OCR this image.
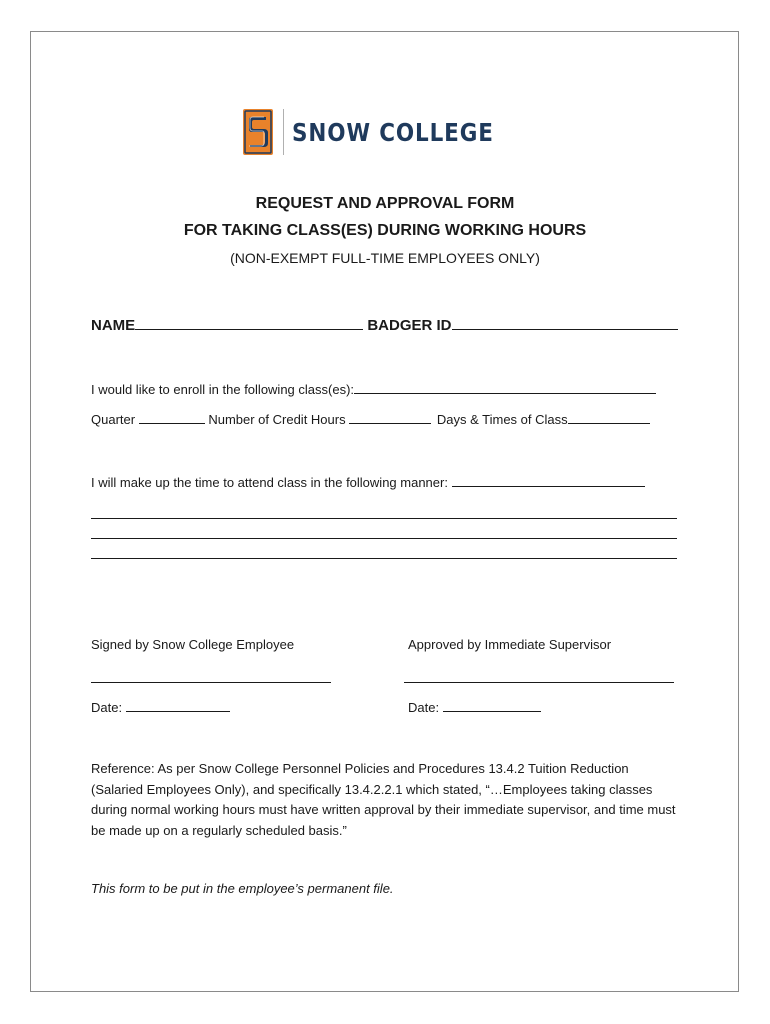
SNOW COLLEGE
REQUEST AND APPROVAL FORM
FOR TAKING CLASS(ES) DURING WORKING HOURS
(NON-EXEMPT FULL-TIME EMPLOYEES ONLY)
NAME	BADGER ID
I would like to enroll in the following class(es):
Quarter	Number of Credit Hours	Days & Times of Class
I will make up the time to attend class in the following manner:
Signed by Snow College Employee	Approved by Immediate Supervisor
Date:	Date:
Reference: As per Snow College Personnel Policies and Procedures 13.4.2 Tuition Reduction (Salaried Employees Only), and specifically 13.4.2.2.1 which stated, “…Employees taking classes during normal working hours must have written approval by their immediate supervisor, and time must be made up on a regularly scheduled basis.”
This form to be put in the employee’s permanent file.
